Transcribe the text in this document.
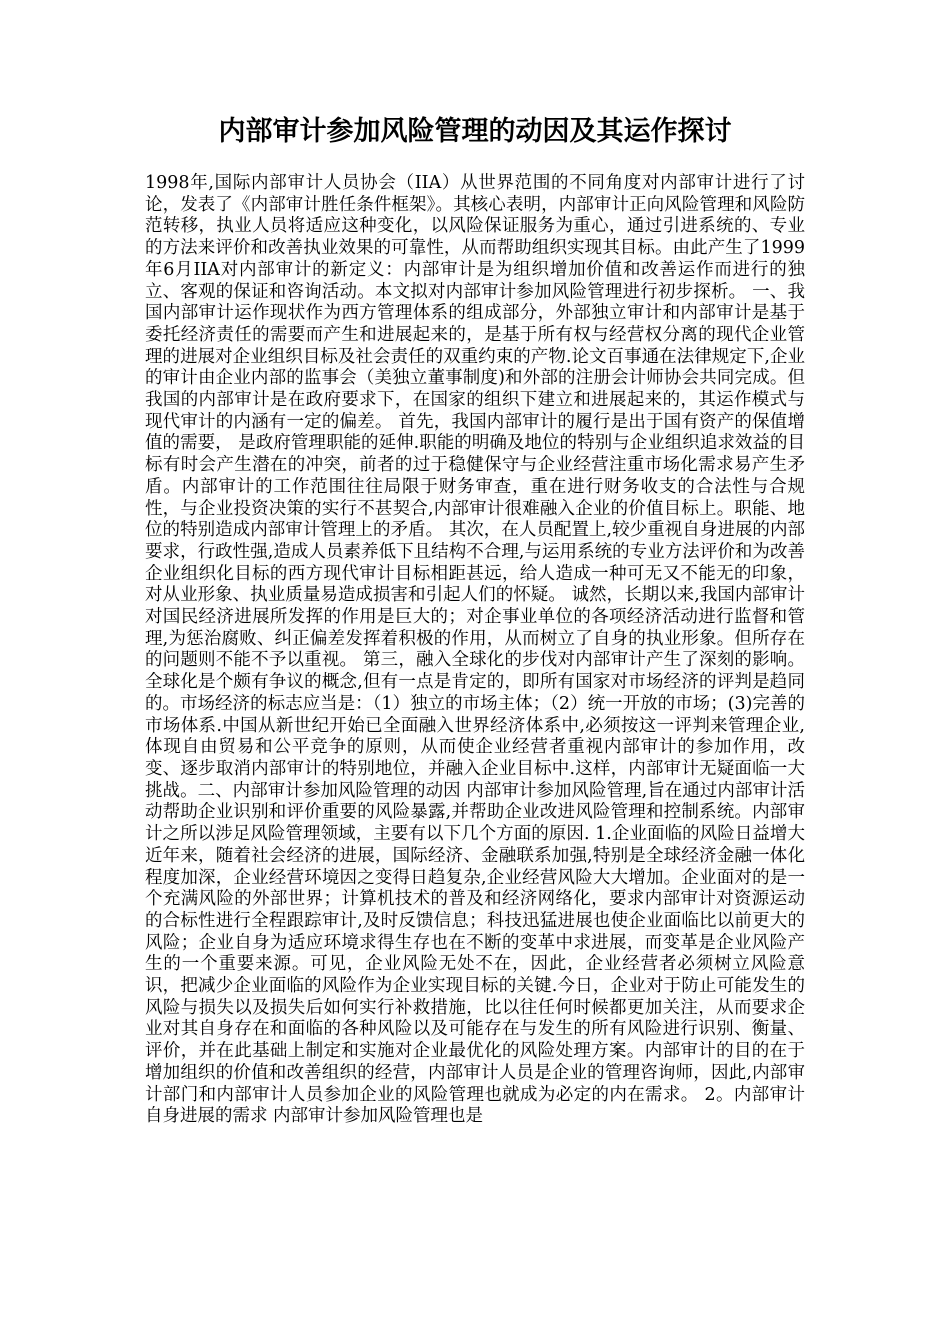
内部审计参加风险管理的动因及其运作探讨

1998年,国际内部审计人员协会（IIA）从世界范围的不同角度对内部审计进行了讨论，发表了《内部审计胜任条件框架》。其核心表明，内部审计正向风险管理和风险防范转移，执业人员将适应这种变化，以风险保证服务为重心，通过引进系统的、专业的方法来评价和改善执业效果的可靠性，从而帮助组织实现其目标。由此产生了1999年6月IIA对内部审计的新定义：内部审计是为组织增加价值和改善运作而进行的独立、客观的保证和咨询活动。本文拟对内部审计参加风险管理进行初步探析。 一、我国内部审计运作现状作为西方管理体系的组成部分，外部独立审计和内部审计是基于委托经济责任的需要而产生和进展起来的，是基于所有权与经营权分离的现代企业管理的进展对企业组织目标及社会责任的双重约束的产物.论文百事通在法律规定下,企业的审计由企业内部的监事会（美独立董事制度)和外部的注册会计师协会共同完成。但我国的内部审计是在政府要求下，在国家的组织下建立和进展起来的，其运作模式与现代审计的内涵有一定的偏差。 首先，我国内部审计的履行是出于国有资产的保值增值的需要， 是政府管理职能的延伸.职能的明确及地位的特别与企业组织追求效益的目标有时会产生潜在的冲突，前者的过于稳健保守与企业经营注重市场化需求易产生矛盾。内部审计的工作范围往往局限于财务审查，重在进行财务收支的合法性与合规性，与企业投资决策的实行不甚契合,内部审计很难融入企业的价值目标上。职能、地位的特别造成内部审计管理上的矛盾。 其次，在人员配置上,较少重视自身进展的内部要求，行政性强,造成人员素养低下且结构不合理,与运用系统的专业方法评价和为改善企业组织化目标的西方现代审计目标相距甚远，给人造成一种可无又不能无的印象，对从业形象、执业质量易造成损害和引起人们的怀疑。 诚然，长期以来,我国内部审计对国民经济进展所发挥的作用是巨大的；对企事业单位的各项经济活动进行监督和管理,为惩治腐败、纠正偏差发挥着积极的作用，从而树立了自身的执业形象。但所存在的问题则不能不予以重视。 第三，融入全球化的步伐对内部审计产生了深刻的影响。全球化是个颇有争议的概念,但有一点是肯定的，即所有国家对市场经济的评判是趋同的。市场经济的标志应当是：（1）独立的市场主体；（2）统一开放的市场；(3)完善的市场体系.中国从新世纪开始已全面融入世界经济体系中,必须按这一评判来管理企业,体现自由贸易和公平竞争的原则，从而使企业经营者重视内部审计的参加作用，改变、逐步取消内部审计的特别地位，并融入企业目标中.这样，内部审计无疑面临一大挑战。二、内部审计参加风险管理的动因 内部审计参加风险管理,旨在通过内部审计活动帮助企业识别和评价重要的风险暴露,并帮助企业改进风险管理和控制系统。内部审计之所以涉足风险管理领域，主要有以下几个方面的原因. 1.企业面临的风险日益增大 近年来，随着社会经济的进展，国际经济、金融联系加强,特别是全球经济金融一体化程度加深，企业经营环境因之变得日趋复杂,企业经营风险大大增加。企业面对的是一个充满风险的外部世界；计算机技术的普及和经济网络化，要求内部审计对资源运动的合标性进行全程跟踪审计,及时反馈信息；科技迅猛进展也使企业面临比以前更大的风险；企业自身为适应环境求得生存也在不断的变革中求进展，而变革是企业风险产生的一个重要来源。可见，企业风险无处不在，因此，企业经营者必须树立风险意识，把减少企业面临的风险作为企业实现目标的关键.今日，企业对于防止可能发生的风险与损失以及损失后如何实行补救措施，比以往任何时候都更加关注，从而要求企业对其自身存在和面临的各种风险以及可能存在与发生的所有风险进行识别、衡量、评价，并在此基础上制定和实施对企业最优化的风险处理方案。内部审计的目的在于增加组织的价值和改善组织的经营，内部审计人员是企业的管理咨询师，因此,内部审计部门和内部审计人员参加企业的风险管理也就成为必定的内在需求。 2。内部审计自身进展的需求 内部审计参加风险管理也是
